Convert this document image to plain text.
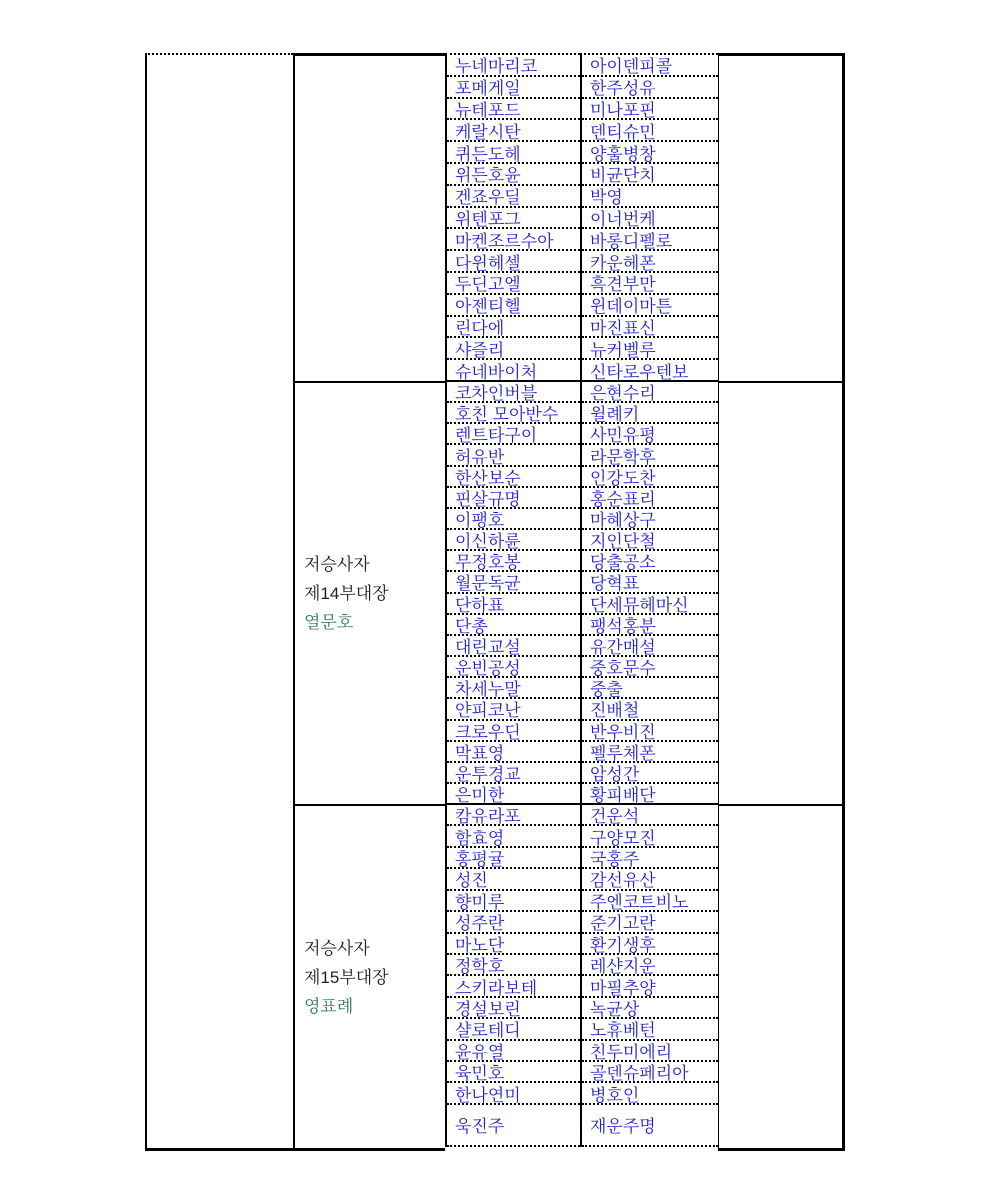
저승사자
제14부대장
열문호
저승사자
제15부대장
영표례
누네마리코
포메게일
뉴테포드
케랄시탄
퀴든도헤
위든호윤
겐죠우딜
위텐포그
마켄조르수아
다윈헤셀
두딘고엘
아젠티헬
린다에
샤즐리
슈네바이처
코차인버블
호친 모아반수
렌트타구이
허유반
한산보순
핀살규명
이팽호
이신하륜
무정호봉
월문독균
단하표
단총
대린교설
운빈공성
차세누말
얀피코난
크로우딘
막표영
운투경교
은미한
캄유라포
함효영
홍평귤
성진
향미루
성주란
마노단
정학호
스키라보테
경설보린
샬로테디
윤유열
육민호
한나연미
욱진주
아이덴피콜
한주성유
미나포핀
덴티슈민
양훌병창
비균단치
박영
이너번케
바롱디펠로
카운헤폰
흑견부만
윈데이마튼
마진표신
뉴커벨루
신타로우텐보
은현수리
윌례키
사민유평
라문학후
인강도찬
홍순표리
마혜상구
지인단철
당출공소
당혁표
단세뮤헤마신
팽석홍분
유간매설
중호문수
중출
진배철
반우비진
펠루체폰
암성간
황피배단
건운석
구양모진
국홍주
감선유산
주엔코트비노
준기고란
환기생후
레샨지운
마필추양
녹균상
노휴베턴
친두미에리
골덴슈페리아
병호인
재운주명
